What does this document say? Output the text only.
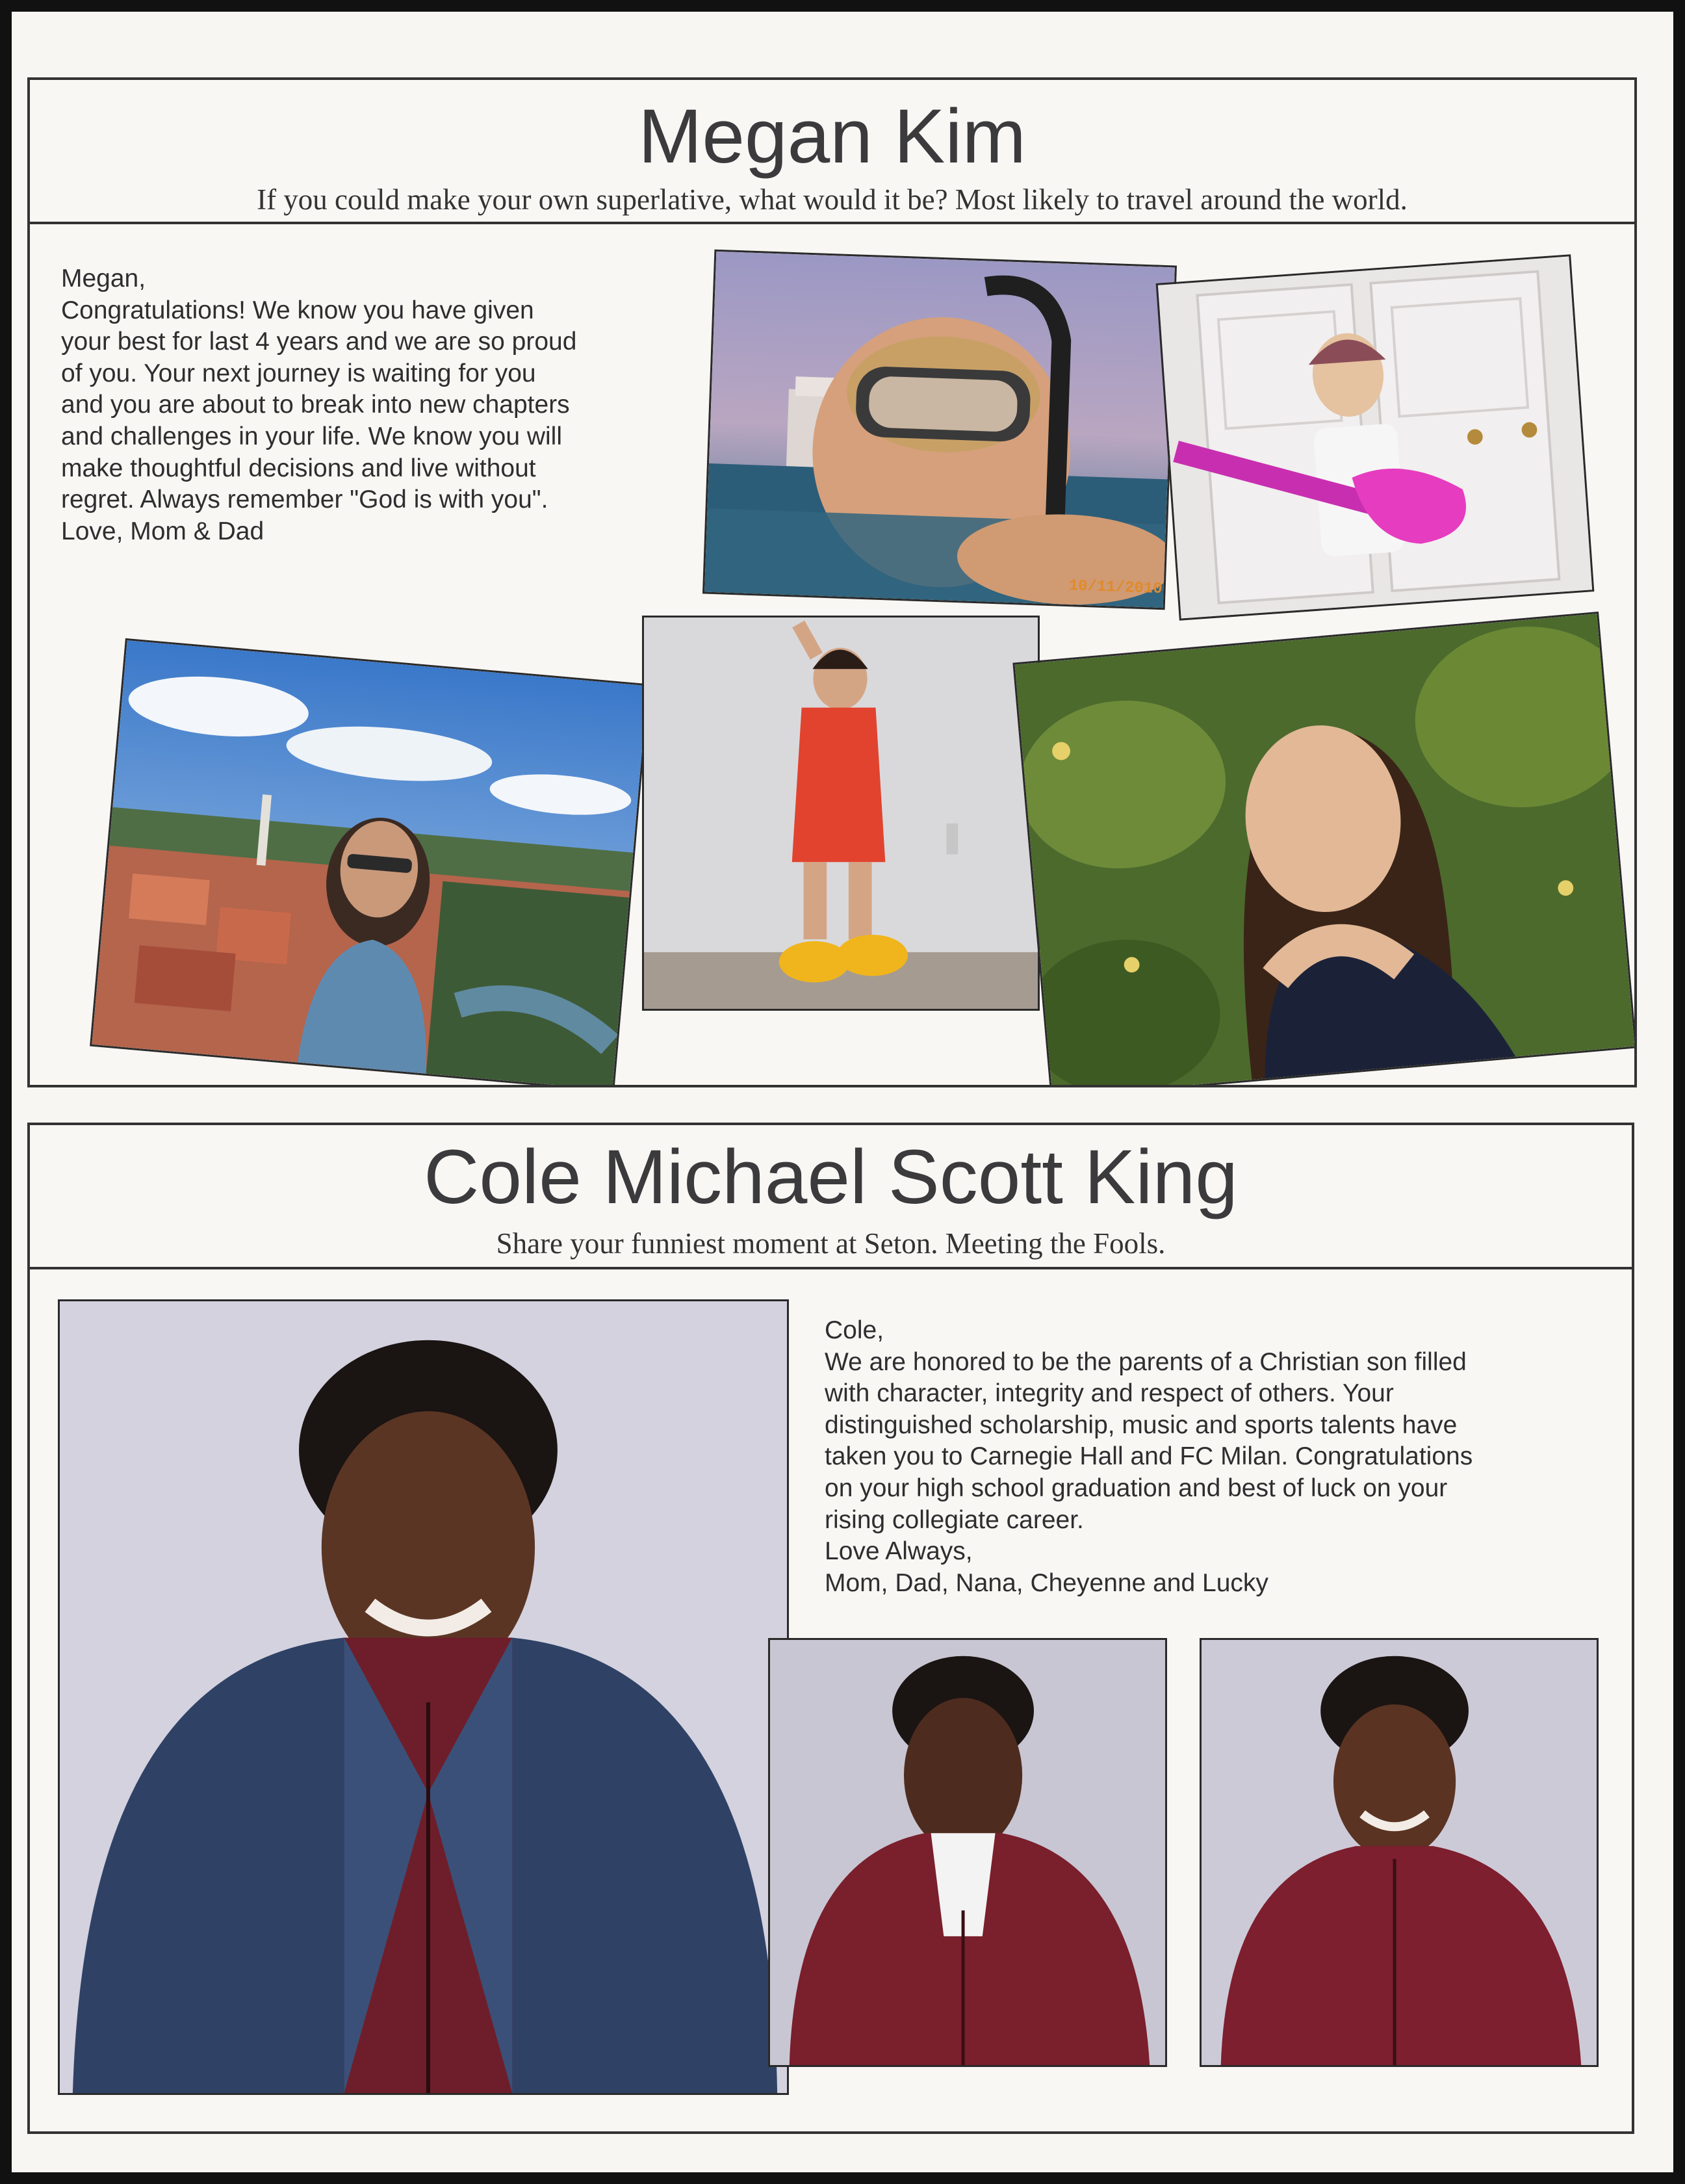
Megan Kim
If you could make your own superlative, what would it be? Most likely to travel around the world.

Megan,

Congratulations! We know you have given

your best for last 4 years and we are so proud

of you. Your next journey is waiting for you

and you are about to break into new chapters

and challenges in your life. We know you will

make thoughtful decisions and live without

regret. Always remember "God is with you".

Love, Mom & Dad

10/11/2010
Cole Michael Scott King
Share your funniest moment at Seton. Meeting the Fools.

Cole,

We are honored to be the parents of a Christian son filled

with character, integrity and respect of others. Your

distinguished scholarship, music and sports talents have

taken you to Carnegie Hall and FC Milan. Congratulations

on your high school graduation and best of luck on your

rising collegiate career.

Love Always,

Mom, Dad, Nana, Cheyenne and Lucky
